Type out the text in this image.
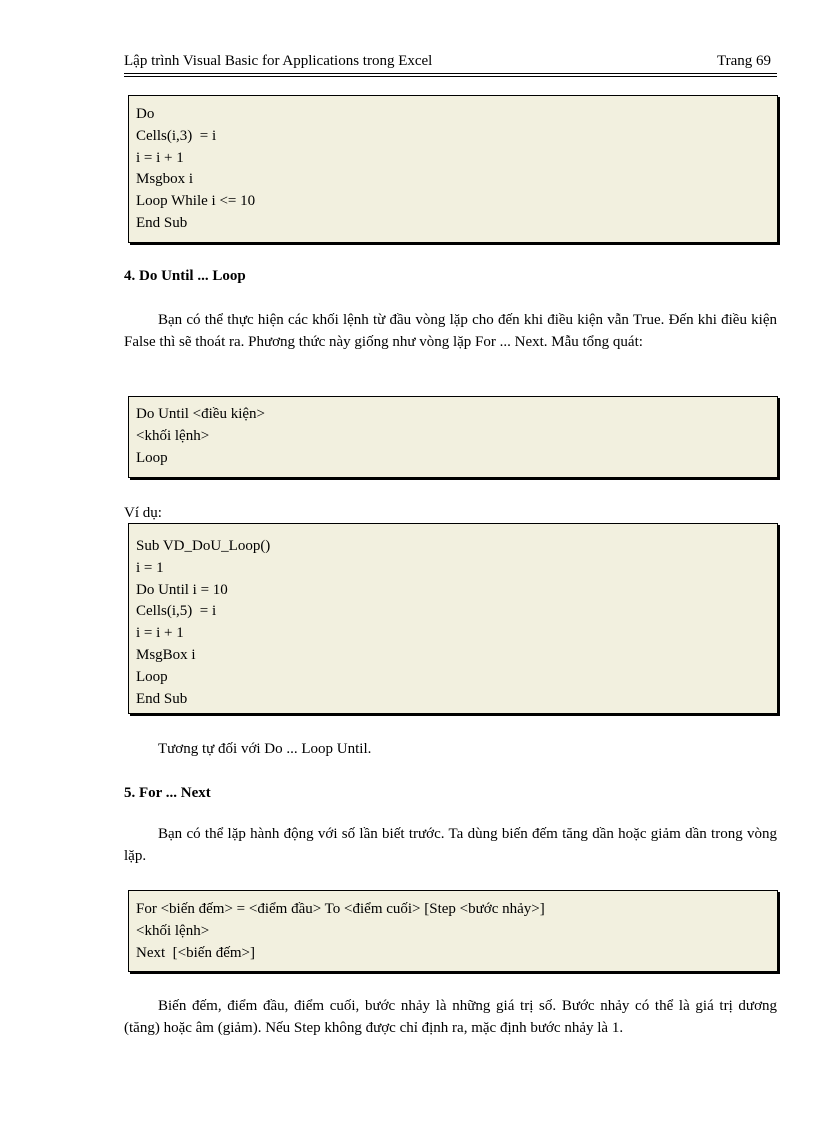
Lập trình Visual Basic for Applications trong Excel	Trang 69
Do
Cells(i,3)  = i
i = i + 1
Msgbox i
Loop While i <= 10
End Sub
4. Do Until ... Loop
Bạn có thể thực hiện các khối lệnh từ đầu vòng lặp cho đến khi điều kiện vẫn True. Đến khi điều kiện False thì sẽ thoát ra. Phương thức này giống như vòng lặp For ... Next. Mẫu tổng quát:
Do Until <điều kiện>
<khối lệnh>
Loop
Ví dụ:
Sub VD_DoU_Loop()
i = 1
Do Until i = 10
Cells(i,5)  = i
i = i + 1
MsgBox i
Loop
End Sub
Tương tự đối với Do ... Loop Until.
5. For ... Next
Bạn có thể lặp hành động với số lần biết trước. Ta dùng biến đếm tăng dần hoặc giảm dần trong vòng lặp.
For <biến đếm> = <điểm đầu> To <điểm cuối> [Step <bước nhảy>]
<khối lệnh>
Next  [<biến đếm>]
Biến đếm, điểm đầu, điểm cuối, bước nhảy là những giá trị số. Bước nhảy có thể là giá trị dương (tăng) hoặc âm (giảm). Nếu Step không được chỉ định ra, mặc định bước nhảy là 1.
